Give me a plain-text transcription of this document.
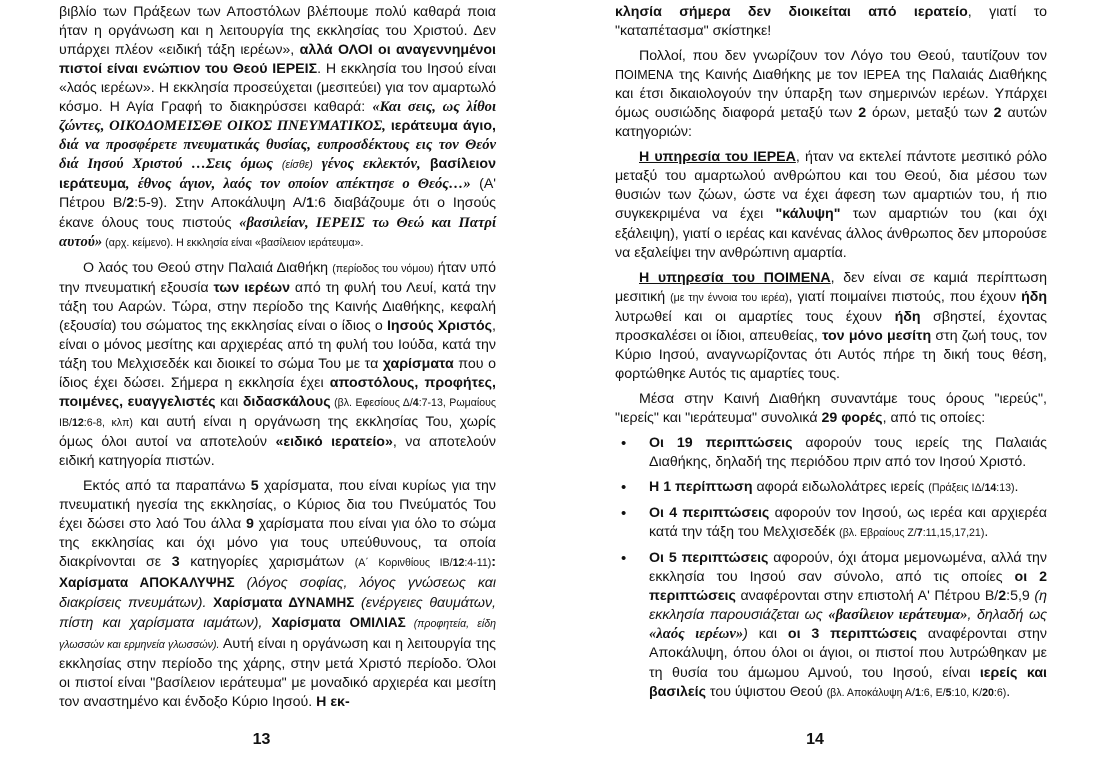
βιβλίο των Πράξεων των Αποστόλων βλέπουμε πολύ καθαρά ποια ήταν η οργάνωση και η λειτουργία της εκκλησίας του Χριστού. Δεν υπάρχει πλέον «ειδική τάξη ιερέων», αλλά ΟΛΟΙ οι αναγεννημένοι πιστοί είναι ενώπιον του Θεού ΙΕΡΕΙΣ. Η εκκλησία του Ιησού είναι «λαός ιερέων». Η εκκλησία προσεύχεται (μεσιτεύει) για τον αμαρτωλό κόσμο. Η Αγία Γραφή το διακηρύσσει καθαρά: «Και σεις, ως λίθοι ζώντες, ΟΙΚΟΔΟΜΕΙΣΘΕ ΟΙΚΟΣ ΠΝΕΥΜΑΤΙΚΟΣ, ιεράτευμα άγιο, διά να προσφέρετε πνευματικάς θυσίας, ευπροσδέκτους εις τον Θεόν διά Ιησού Χριστού …Σεις όμως (είσθε) γένος εκλεκτόν, βασίλειον ιεράτευμα, έθνος άγιον, λαός τον οποίον απέκτησε ο Θεός…» (Α' Πέτρου Β/2:5-9). Στην Αποκάλυψη Α/1:6 διαβάζουμε ότι ο Ιησούς έκανε όλους τους πιστούς «βασιλείαν, ΙΕΡΕΙΣ τω Θεώ και Πατρί αυτού» (αρχ. κείμενο). Η εκκλησία είναι «βασίλειον ιεράτευμα».

Ο λαός του Θεού στην Παλαιά Διαθήκη (περίοδος του νόμου) ήταν υπό την πνευματική εξουσία των ιερέων από τη φυλή του Λευί, κατά την τάξη του Ααρών. Τώρα, στην περίοδο της Καινής Διαθήκης, κεφαλή (εξουσία) του σώματος της εκκλησίας είναι ο ίδιος ο Ιησούς Χριστός, είναι ο μόνος μεσίτης και αρχιερέας από τη φυλή του Ιούδα, κατά την τάξη του Μελχισεδέκ και διοικεί το σώμα Του με τα χαρίσματα που ο ίδιος έχει δώσει. Σήμερα η εκκλησία έχει αποστόλους, προφήτες, ποιμένες, ευαγγελιστές και διδασκάλους (βλ. Εφεσίους Δ/4:7-13, Ρωμαίους ΙΒ/12:6-8, κλπ) και αυτή είναι η οργάνωση της εκκλησίας Του, χωρίς όμως όλοι αυτοί να αποτελούν «ειδικό ιερατείο», να αποτελούν ειδική κατηγορία πιστών.

Εκτός από τα παραπάνω 5 χαρίσματα, που είναι κυρίως για την πνευματική ηγεσία της εκκλησίας, ο Κύριος δια του Πνεύματός Του έχει δώσει στο λαό Του άλλα 9 χαρίσματα που είναι για όλο το σώμα της εκκλησίας και όχι μόνο για τους υπεύθυνους, τα οποία διακρίνονται σε 3 κατηγορίες χαρισμάτων (Α΄ Κορινθίους ΙΒ/12:4-11): Χαρίσματα ΑΠΟΚΑΛΥΨΗΣ (λόγος σοφίας, λόγος γνώσεως και διακρίσεις πνευμάτων). Χαρίσματα ΔΥΝΑΜΗΣ (ενέργειες θαυμάτων, πίστη και χαρίσματα ιαμάτων), Χαρίσματα ΟΜΙΛΙΑΣ (προφητεία, είδη γλωσσών και ερμηνεία γλωσσών). Αυτή είναι η οργάνωση και η λειτουργία της εκκλησίας στην περίοδο της χάρης, στην μετά Χριστό περίοδο. Όλοι οι πιστοί είναι "βασίλειον ιεράτευμα" με μοναδικό αρχιερέα και μεσίτη τον αναστημένο και ένδοξο Κύριο Ιησού. Η εκ-

13

κλησία σήμερα δεν διοικείται από ιερατείο, γιατί το "καταπέτασμα" σκίστηκε!

Πολλοί, που δεν γνωρίζουν τον Λόγο του Θεού, ταυτίζουν τον ΠΟΙΜΕΝΑ της Καινής Διαθήκης με τον ΙΕΡΕΑ της Παλαιάς Διαθήκης και έτσι δικαιολογούν την ύπαρξη των σημερινών ιερέων. Υπάρχει όμως ουσιώδης διαφορά μεταξύ των 2 όρων, μεταξύ των 2 αυτών κατηγοριών:

Η υπηρεσία του ΙΕΡΕΑ, ήταν να εκτελεί πάντοτε μεσιτικό ρόλο μεταξύ του αμαρτωλού ανθρώπου και του Θεού, δια μέσου των θυσιών των ζώων, ώστε να έχει άφεση των αμαρτιών του, ή πιο συγκεκριμένα να έχει "κάλυψη" των αμαρτιών του (και όχι εξάλειψη), γιατί ο ιερέας και κανένας άλλος άνθρωπος δεν μπορούσε να εξαλείψει την ανθρώπινη αμαρτία.

Η υπηρεσία του ΠΟΙΜΕΝΑ, δεν είναι σε καμιά περίπτωση μεσιτική (με την έννοια του ιερέα), γιατί ποιμαίνει πιστούς, που έχουν ήδη λυτρωθεί και οι αμαρτίες τους έχουν ήδη σβηστεί, έχοντας προσκαλέσει οι ίδιοι, απευθείας, τον μόνο μεσίτη στη ζωή τους, τον Κύριο Ιησού, αναγνωρίζοντας ότι Αυτός πήρε τη δική τους θέση, φορτώθηκε Αυτός τις αμαρτίες τους.

Μέσα στην Καινή Διαθήκη συναντάμε τους όρους "ιερεύς", "ιερείς" και "ιεράτευμα" συνολικά 29 φορές, από τις οποίες:

• Οι 19 περιπτώσεις αφορούν τους ιερείς της Παλαιάς Διαθήκης, δηλαδή της περιόδου πριν από τον Ιησού Χριστό.
• Η 1 περίπτωση αφορά ειδωλολάτρες ιερείς (Πράξεις ΙΔ/14:13).
• Οι 4 περιπτώσεις αφορούν τον Ιησού, ως ιερέα και αρχιερέα κατά την τάξη του Μελχισεδέκ (βλ. Εβραίους Ζ/7:11,15,17,21).
• Οι 5 περιπτώσεις αφορούν, όχι άτομα μεμονωμένα, αλλά την εκκλησία του Ιησού σαν σύνολο, από τις οποίες οι 2 περιπτώσεις αναφέρονται στην επιστολή Α' Πέτρου Β/2:5,9 (η εκκλησία παρουσιάζεται ως «βασίλειον ιεράτευμα», δηλαδή ως «λαός ιερέων») και οι 3 περιπτώσεις αναφέρονται στην Αποκάλυψη, όπου όλοι οι άγιοι, οι πιστοί που λυτρώθηκαν με τη θυσία του άμωμου Αμνού, του Ιησού, είναι ιερείς και βασιλείς του ύψιστου Θεού (βλ. Αποκάλυψη Α/1:6, Ε/5:10, Κ/20:6).
14
